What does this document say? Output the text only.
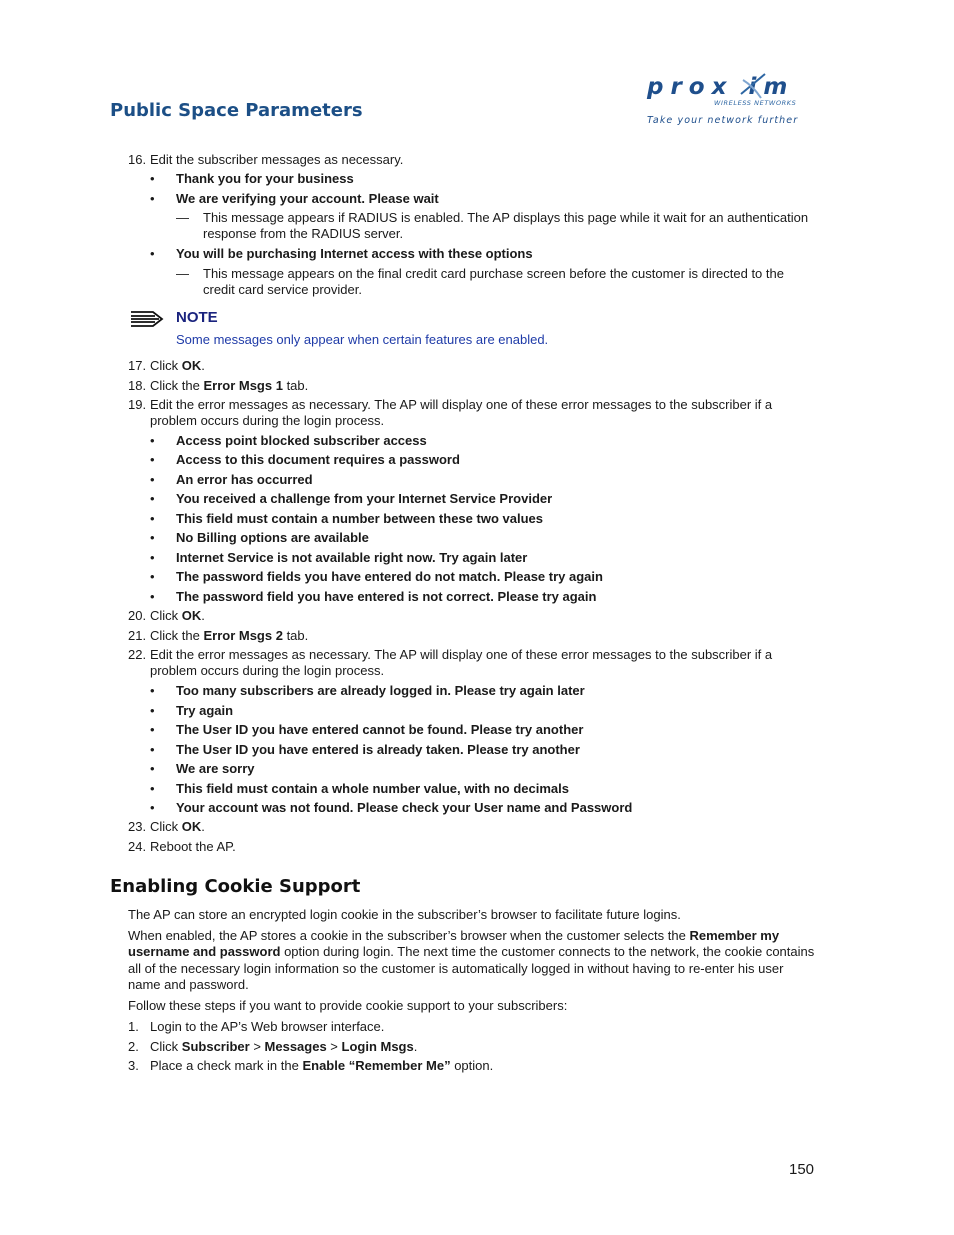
Public Space Parameters
prox im
WIRELESS NETWORKS
Take your network further
16. Edit the subscriber messages as necessary.
• Thank you for your business
• We are verifying your account. Please wait
— This message appears if RADIUS is enabled. The AP displays this page while it wait for an authentication response from the RADIUS server.
• You will be purchasing Internet access with these options
— This message appears on the final credit card purchase screen before the customer is directed to the credit card service provider.
NOTE
Some messages only appear when certain features are enabled.
17. Click OK.
18. Click the Error Msgs 1 tab.
19. Edit the error messages as necessary. The AP will display one of these error messages to the subscriber if a problem occurs during the login process.
• Access point blocked subscriber access
• Access to this document requires a password
• An error has occurred
• You received a challenge from your Internet Service Provider
• This field must contain a number between these two values
• No Billing options are available
• Internet Service is not available right now. Try again later
• The password fields you have entered do not match. Please try again
• The password field you have entered is not correct. Please try again
20. Click OK.
21. Click the Error Msgs 2 tab.
22. Edit the error messages as necessary. The AP will display one of these error messages to the subscriber if a problem occurs during the login process.
• Too many subscribers are already logged in. Please try again later
• Try again
• The User ID you have entered cannot be found. Please try another
• The User ID you have entered is already taken. Please try another
• We are sorry
• This field must contain a whole number value, with no decimals
• Your account was not found. Please check your User name and Password
23. Click OK.
24. Reboot the AP.
Enabling Cookie Support
The AP can store an encrypted login cookie in the subscriber’s browser to facilitate future logins.
When enabled, the AP stores a cookie in the subscriber’s browser when the customer selects the Remember my username and password option during login. The next time the customer connects to the network, the cookie contains all of the necessary login information so the customer is automatically logged in without having to re-enter his user name and password.
Follow these steps if you want to provide cookie support to your subscribers:
1. Login to the AP’s Web browser interface.
2. Click Subscriber > Messages > Login Msgs.
3. Place a check mark in the Enable “Remember Me” option.
150
